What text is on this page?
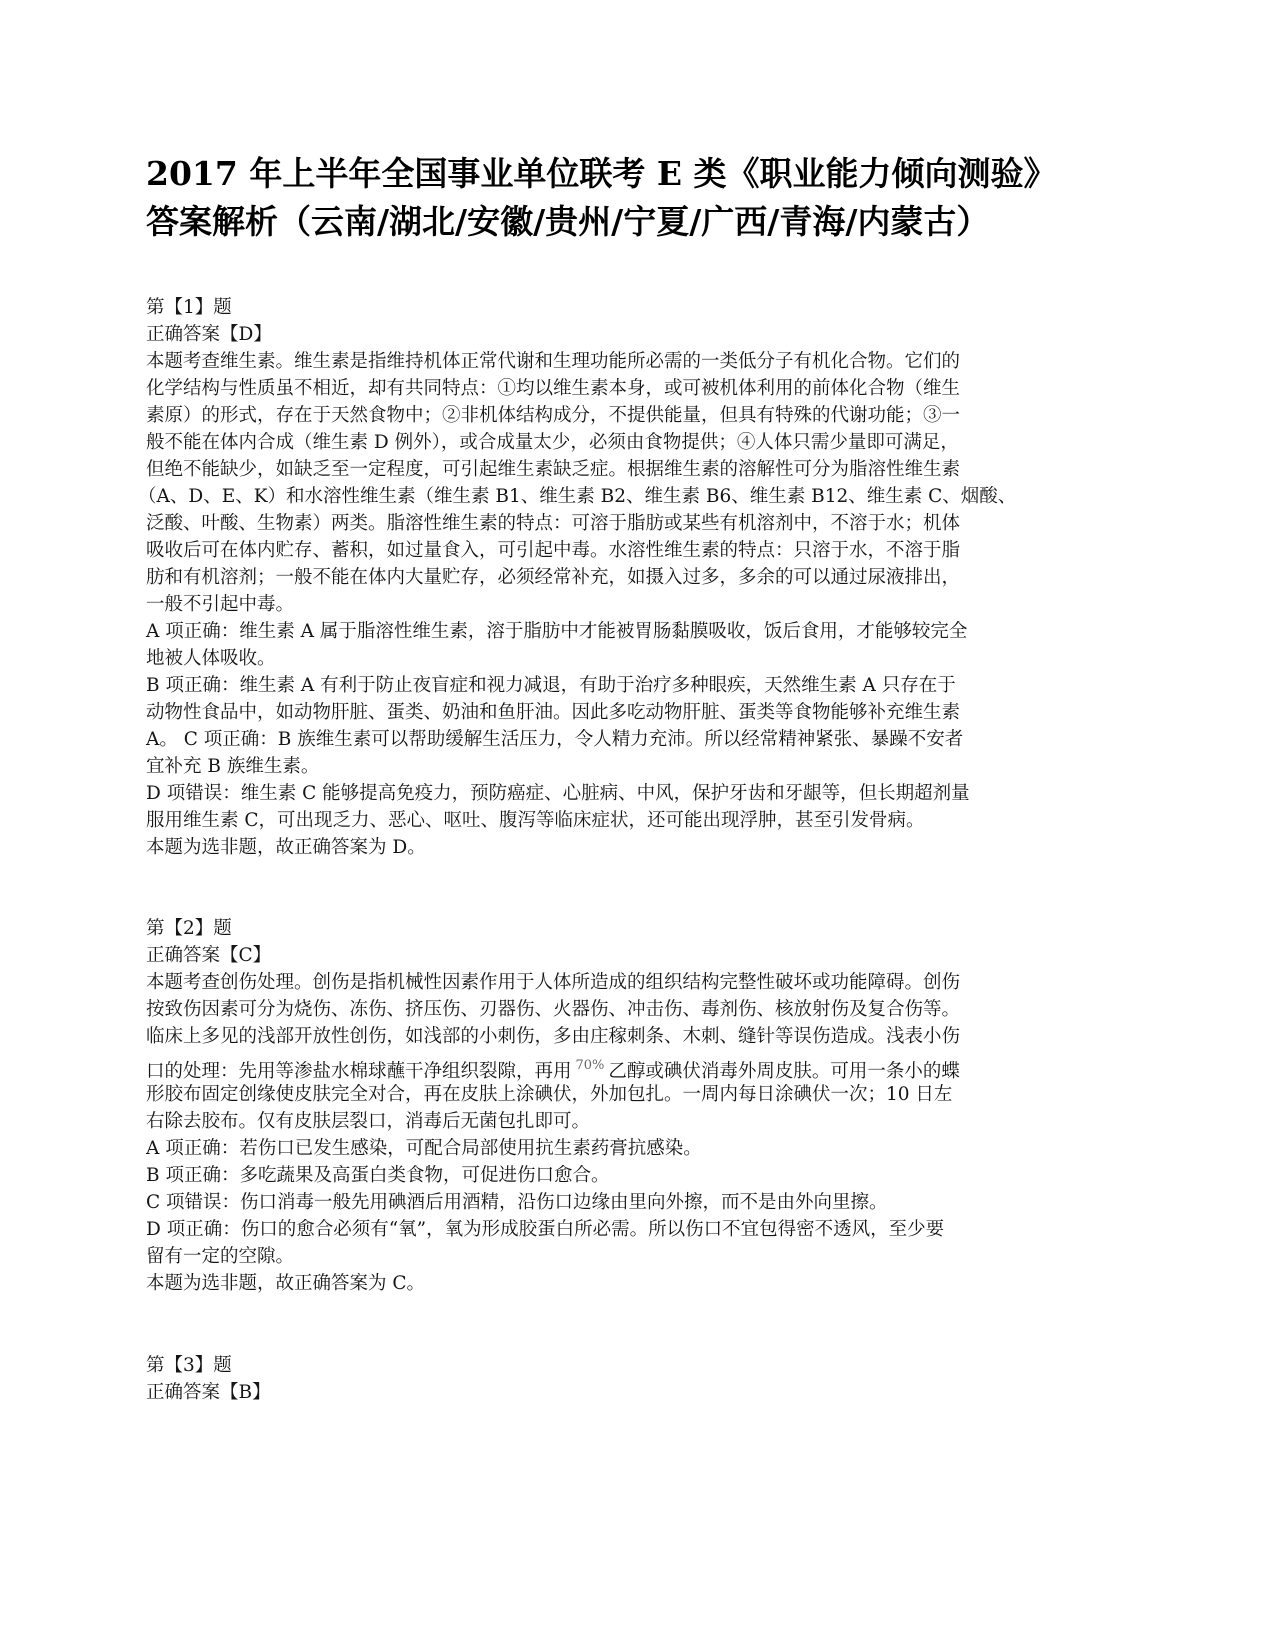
2017 年上半年全国事业单位联考 E 类《职业能力倾向测验》
答案解析（云南/湖北/安徽/贵州/宁夏/广西/青海/内蒙古）
第【1】题
正确答案【D】
本题考查维生素。维生素是指维持机体正常代谢和生理功能所必需的一类低分子有机化合物。它们的
化学结构与性质虽不相近，却有共同特点：①均以维生素本身，或可被机体利用的前体化合物（维生
素原）的形式，存在于天然食物中；②非机体结构成分，不提供能量，但具有特殊的代谢功能；③一
般不能在体内合成（维生素 D 例外），或合成量太少，必须由食物提供；④人体只需少量即可满足，
但绝不能缺少，如缺乏至一定程度，可引起维生素缺乏症。根据维生素的溶解性可分为脂溶性维生素
（A、D、E、K）和水溶性维生素（维生素 B1、维生素 B2、维生素 B6、维生素 B12、维生素 C、烟酸、
泛酸、叶酸、生物素）两类。脂溶性维生素的特点：可溶于脂肪或某些有机溶剂中，不溶于水；机体
吸收后可在体内贮存、蓄积，如过量食入，可引起中毒。水溶性维生素的特点：只溶于水，不溶于脂
肪和有机溶剂；一般不能在体内大量贮存，必须经常补充，如摄入过多，多余的可以通过尿液排出，
一般不引起中毒。
A 项正确：维生素 A 属于脂溶性维生素，溶于脂肪中才能被胃肠黏膜吸收，饭后食用，才能够较完全
地被人体吸收。
B 项正确：维生素 A 有利于防止夜盲症和视力减退，有助于治疗多种眼疾，天然维生素 A 只存在于
动物性食品中，如动物肝脏、蛋类、奶油和鱼肝油。因此多吃动物肝脏、蛋类等食物能够补充维生素
A。 C 项正确：B 族维生素可以帮助缓解生活压力，令人精力充沛。所以经常精神紧张、暴躁不安者
宜补充 B 族维生素。
D 项错误：维生素 C 能够提高免疫力，预防癌症、心脏病、中风，保护牙齿和牙龈等，但长期超剂量
服用维生素 C，可出现乏力、恶心、呕吐、腹泻等临床症状，还可能出现浮肿，甚至引发骨病。
本题为选非题，故正确答案为 D。
第【2】题
正确答案【C】
本题考查创伤处理。创伤是指机械性因素作用于人体所造成的组织结构完整性破坏或功能障碍。创伤
按致伤因素可分为烧伤、冻伤、挤压伤、刃器伤、火器伤、冲击伤、毒剂伤、核放射伤及复合伤等。
临床上多见的浅部开放性创伤，如浅部的小刺伤，多由庄稼刺条、木刺、缝针等误伤造成。浅表小伤
口的处理：先用等渗盐水棉球蘸干净组织裂隙，再用 $^{70\%}$ 乙醇或碘伏消毒外周皮肤。可用一条小的蝶
形胶布固定创缘使皮肤完全对合，再在皮肤上涂碘伏，外加包扎。一周内每日涂碘伏一次；10 日左
右除去胶布。仅有皮肤层裂口，消毒后无菌包扎即可。
A 项正确：若伤口已发生感染，可配合局部使用抗生素药膏抗感染。
B 项正确：多吃蔬果及高蛋白类食物，可促进伤口愈合。
C 项错误：伤口消毒一般先用碘酒后用酒精，沿伤口边缘由里向外擦，而不是由外向里擦。
D 项正确：伤口的愈合必须有“氧”，氧为形成胶蛋白所必需。所以伤口不宜包得密不透风，至少要
留有一定的空隙。
本题为选非题，故正确答案为 C。
第【3】题
正确答案【B】
